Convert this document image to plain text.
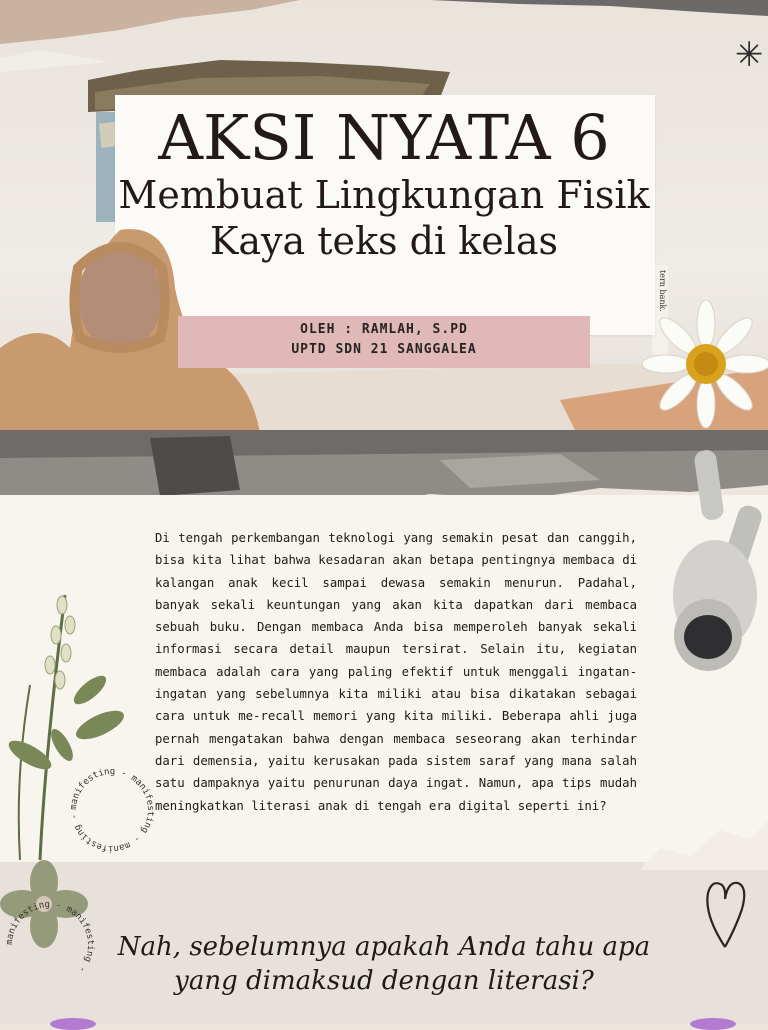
✳
AKSI NYATA 6
Membuat Lingkungan Fisik
Kaya teks di kelas
OLEH : RAMLAH, S.PD
UPTD SDN 21 SANGGALEA

Di tengah perkembangan teknologi yang semakin pesat dan canggih, bisa kita lihat bahwa kesadaran akan betapa pentingnya membaca di kalangan anak kecil sampai dewasa semakin menurun. Padahal, banyak sekali keuntungan yang akan kita dapatkan dari membaca sebuah buku. Dengan membaca Anda bisa memperoleh banyak sekali informasi secara detail maupun tersirat. Selain itu, kegiatan membaca adalah cara yang paling efektif untuk menggali ingatan-ingatan yang sebelumnya kita miliki atau bisa dikatakan sebagai cara untuk me-recall memori yang kita miliki. Beberapa ahli juga pernah mengatakan bahwa dengan membaca seseorang akan terhindar dari demensia, yaitu kerusakan pada sistem saraf yang mana salah satu dampaknya yaitu penurunan daya ingat. Namun, apa tips mudah meningkatkan literasi anak di tengah era digital seperti ini?

manifesting - manifesting - manifesting -
manifesting - manifesting -
Nah, sebelumnya apakah Anda tahu apa
yang dimaksud dengan literasi?
tern bank.
